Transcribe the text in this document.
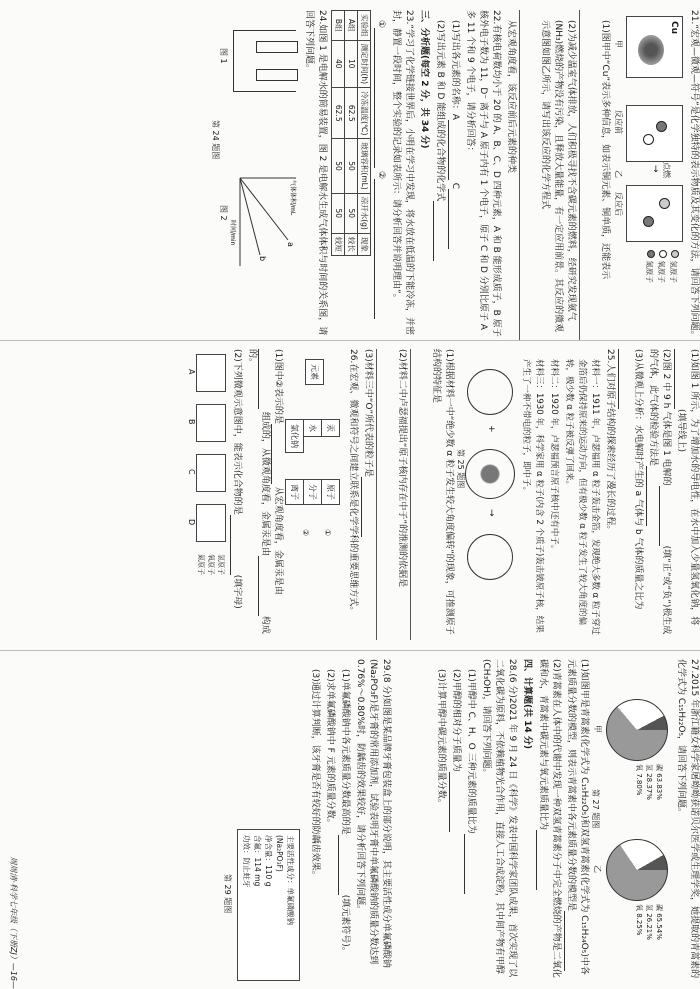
21.“宏观—微观—符号”是化学独特的表示物质及其变化的方法，请回答下列问题。

Cu
甲
反应前
→ 点燃
反应后
氢原子
氧原子
氮原子
乙

(1)图甲中“Cu”表示多种信息，如表示铜元素、铜单质，还能表示

(2)为减少温室气体排放，人们积极寻找不含碳元素的燃料，经研究发现氨气(NH₃)燃烧的产物没有污染，且释放大量能量，有一定应用前景。其反应的微观示意图如图乙所示，请写出该反应的化学方程式

从宏观角度看，该反应前后元素的种类

22.有核电荷数均小于 20 的 A、B、C、D 四种元素，A 和 B 能形成质子，B 原子核外电子数为 11，D⁻ 离子与 A 原子内有 1 个电子，原子 C 和 D 分别比原子 A 多 11 个和 9 个电子，请分析回答：

(1)写出各元素的名称：A C

(2)写出元素 B 和 D 能组成的化合物的化学式

三、分析题(每空 2 分，共 34 分)

23.“学习了化学链接世界后，小明在学习中发现，将水放在低温的下能冷冻，并密封，静置一段时间，整个实验的记录如表所示：请分析回答并说明理由”。

① ②

实验组	测定时间(h)	冷冻温度(℃)	玻璃容积(mL)	凉开水(g)	现象
A组	10	62.5	50	50	较长
B组	40	62.5	50	50	较短

24.如图 1 是电解水的简易装置，图 2 是电解水生成气体体积与时间的关系图，请回答下列问题。

图 1
a
b
气体体积/mL
时间/min
图 2
第 24 题图

(1)如图 1 所示，为了增加水的导电性，在水中加入少量氢氧化钠，将(填导线上)

(2)图 2 中 9 h 气体是图 1 电解的(填“正”或“负”)极生成的气体，此气体的检验方法是

(3)从微观上分析：水电解时产生的 a 气体与 b 气体的质量之比为

25.人们对原子结构的探索经历了漫长的过程。

材料一：1911 年，卢瑟福用 α 粒子轰击金箔，发现绝大多数 α 粒子穿过金箔后仍保持原来的运动方向，但有极少数 α 粒子发生了较大角度的偏转，极少数 α 粒子被反弹了回来。

材料二：1920 年，卢瑟福预言原子核中还有中子。

材料三：1930 年，科学家用 α 粒子(内含 2 个质子)轰击铍原子核，结果产生了一种不带电的粒子，即中子。

+
→
第 25 题图

(1)根据材料一中“绝少数 α 粒子发生较大角度偏转”的现象，可推测原子结构的特征是

(2)材料二中卢瑟福提出“原子核内存在中子”的推测的依据是

(3)材料三中“O”所代表的粒子是

26.在宏观、微观和符号之间建立联系是化学学科的重要思维方式。

元素
汞
水
氯化钠
原子
分子
离子
①
②

(1)图中②表示的是 从宏观角度看，金属汞是由 组成的，从微观角度看，金属汞是由构成的。

(2)下列微观示意图中，能表示化合物的是(填字母)

A
B
C
D
氢原子
氧原子
氮原子

27.2015 年浙江籍女科学家屠呦呦获诺贝尔医学或生理学奖，她提取的青蒿素的化学式为 C₁₅H₂₂O₅，请回答下列问题。

碳 63.83%
氢 28.37%
氧 7.80%
甲
碳 65.54%
氢 26.21%
氧 8.25%
乙
第 27 题图

(1)如图甲是青蒿素(化学式为 C₁₅H₂₂O₅)和双氢青蒿素(化学式为 C₁₅H₂₄O₅)中各元素质量分数的模型，则表示青蒿素中各元素质量分数的模型是

(2)青蒿素在人体中的代谢中发现一种双氢青蒿素分子中完全燃烧的产物是二氧化碳和水，青蒿素中碳元素与氧元素质量比为

四、计算题(共 14 分)

28.(6 分)2021 年 9 月 24 日《科学》发表中国科学家团队成果，首次实现了以二氧化碳为原料，不依赖植物光合作用，直接人工合成淀粉，其中间产物有甲醇(CH₃OH)，请回答下列问题。

(1)甲醇中 C、H、O 三种元素的质量比为

(2)甲醇的相对分子质量为

(3)计算甲醇中碳元素的质量分数。

29.(8 分)如图是某品牌牙膏包装盒上的部分说明，其主要活性成分单氟磷酸钠(Na₂PO₃F)是牙膏的常用添加剂，试验表明牙膏中单氟磷酸钠的质量分数达到 0.76%～0.80%时，防龋齿的效果较好，请分析回答下列问题。

(1)单氟磷酸钠中各元素质量分数最高的是(填元素符号)。

(2)求单氟磷酸钠中 F 元素的质量分数。

(3)通过计算判断，该牙膏是否有较好的防龋齿效果。

主要活性成分：单氟磷酸钠
(Na₂PO₃F)
净含量：110 g
含氟：114 mg
功效：防止蛀牙
第 29 题图
周周清·科学七年级（下册ZJ）—16—
